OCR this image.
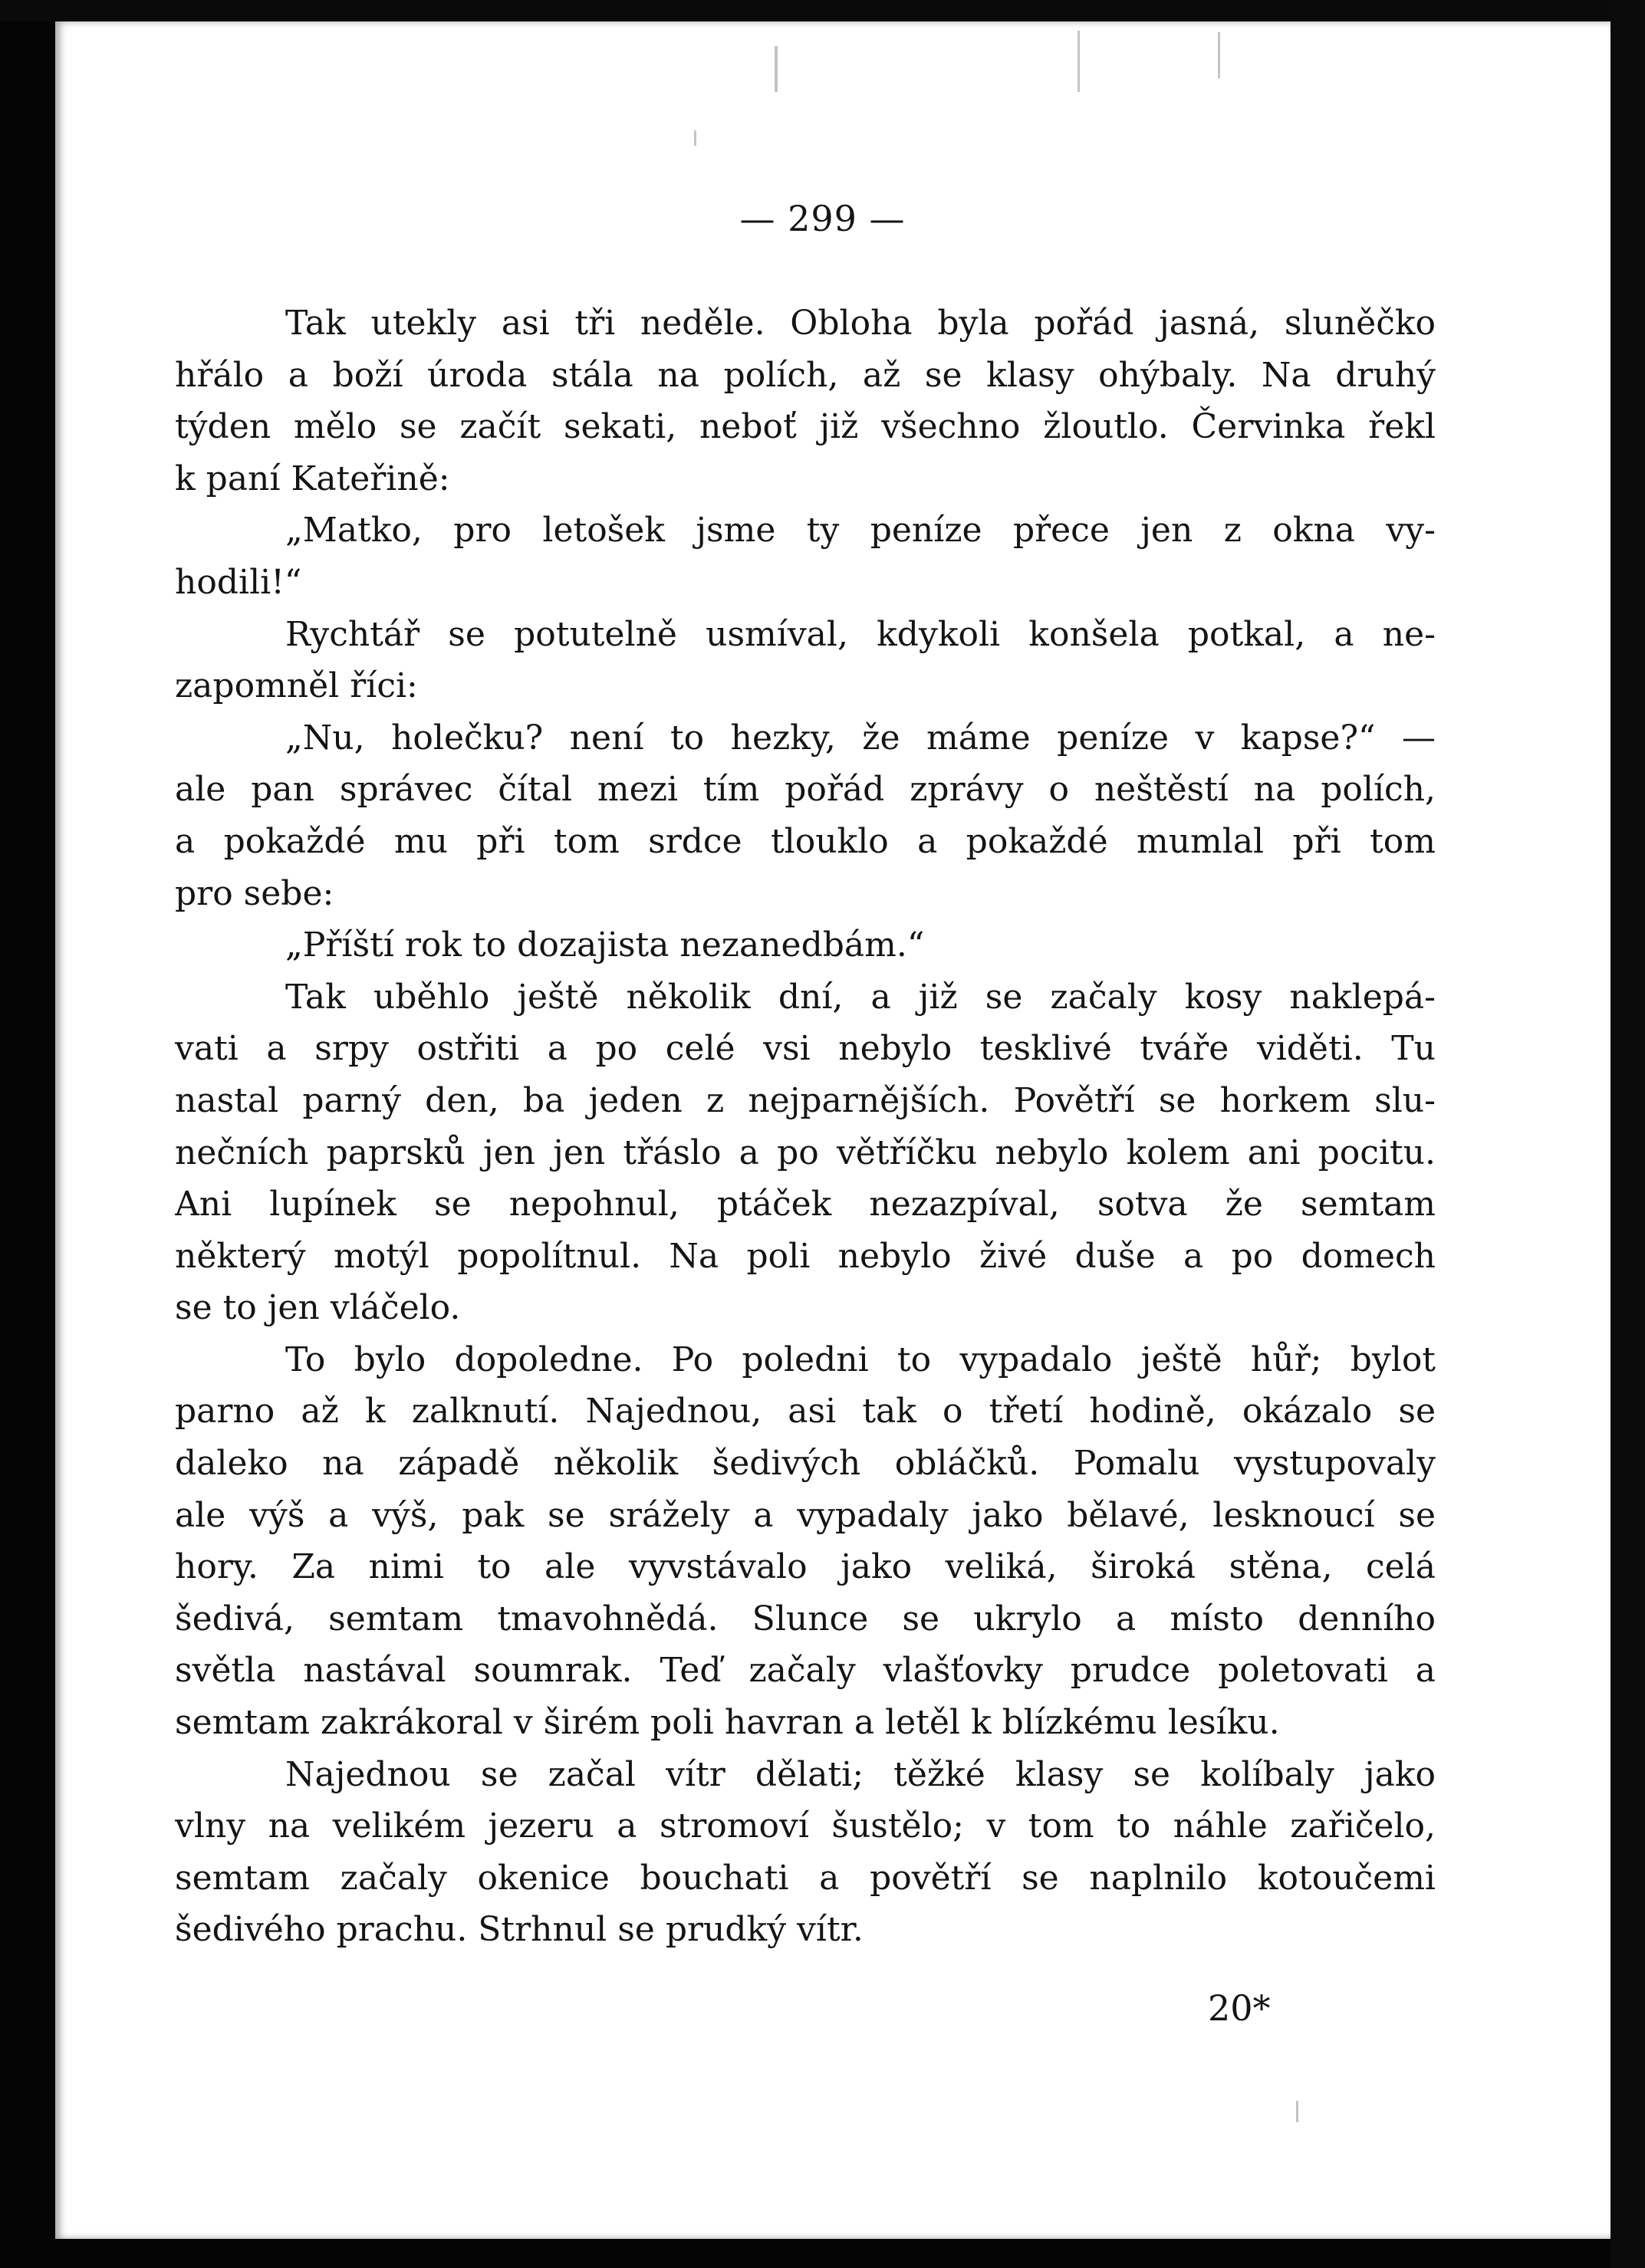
— 299 —
Tak utekly asi tři neděle. Obloha byla pořád jasná, sluněčko
hřálo a boží úroda stála na polích, až se klasy ohýbaly. Na druhý
týden mělo se začít sekati, neboť již všechno žloutlo. Červinka řekl
k paní Kateřině:
„Matko, pro letošek jsme ty peníze přece jen z okna vy-
hodili!“
Rychtář se potutelně usmíval, kdykoli konšela potkal, a ne-
zapomněl říci:
„Nu, holečku? není to hezky, že máme peníze v kapse?“ —
ale pan správec čítal mezi tím pořád zprávy o neštěstí na polích,
a pokaždé mu při tom srdce tlouklo a pokaždé mumlal při tom
pro sebe:
„Příští rok to dozajista nezanedbám.“
Tak uběhlo ještě několik dní, a již se začaly kosy naklepá-
vati a srpy ostřiti a po celé vsi nebylo tesklivé tváře viděti. Tu
nastal parný den, ba jeden z nejparnějších. Povětří se horkem slu-
nečních paprsků jen jen třáslo a po větříčku nebylo kolem ani pocitu.
Ani lupínek se nepohnul, ptáček nezazpíval, sotva že semtam
některý motýl popolítnul. Na poli nebylo živé duše a po domech
se to jen vláčelo.
To bylo dopoledne. Po poledni to vypadalo ještě hůř; bylot
parno až k zalknutí. Najednou, asi tak o třetí hodině, okázalo se
daleko na západě několik šedivých obláčků. Pomalu vystupovaly
ale výš a výš, pak se srážely a vypadaly jako bělavé, lesknoucí se
hory. Za nimi to ale vyvstávalo jako veliká, široká stěna, celá
šedivá, semtam tmavohnědá. Slunce se ukrylo a místo denního
světla nastával soumrak. Teď začaly vlašťovky prudce poletovati a
semtam zakrákoral v širém poli havran a letěl k blízkému lesíku.
Najednou se začal vítr dělati; těžké klasy se kolíbaly jako
vlny na velikém jezeru a stromoví šustělo; v tom to náhle zařičelo,
semtam začaly okenice bouchati a povětří se naplnilo kotoučemi
šedivého prachu. Strhnul se prudký vítr.
20*
